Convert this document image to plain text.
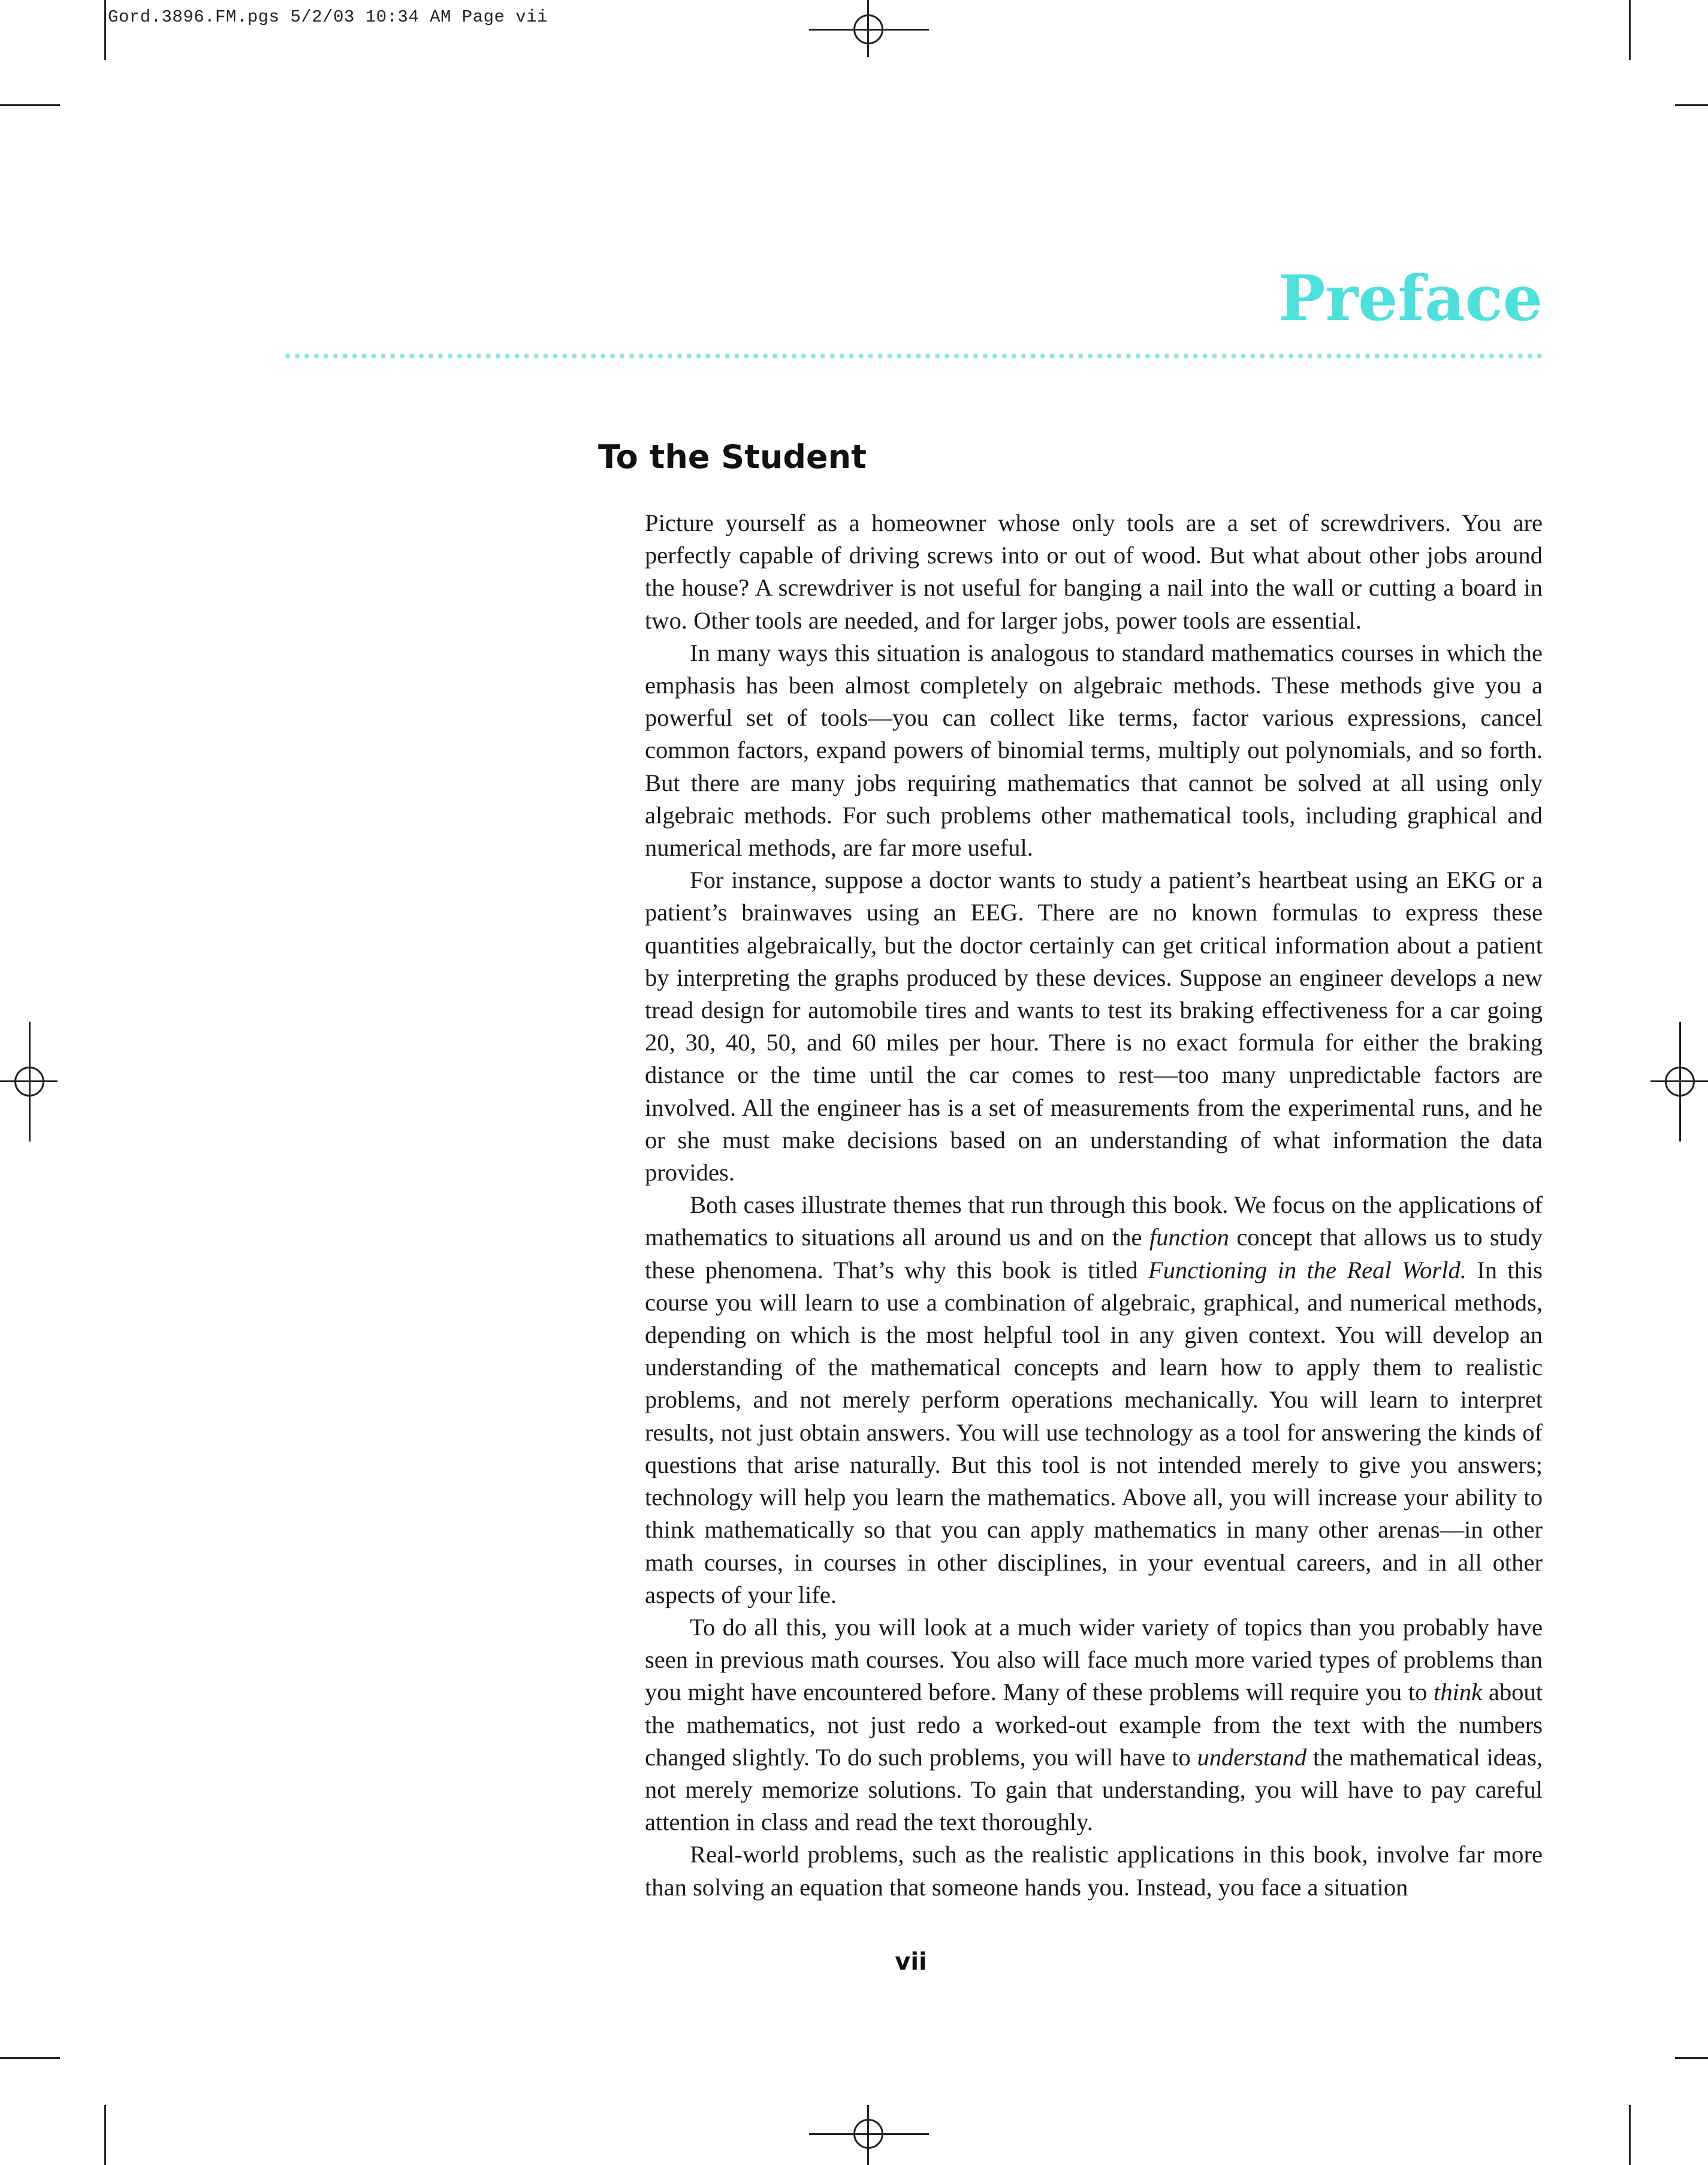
Gord.3896.FM.pgs 5/2/03 10:34 AM Page vii
Preface
To the Student

Picture yourself as a homeowner whose only tools are a set of screwdrivers. You are perfectly capable of driving screws into or out of wood. But what about other jobs around the house? A screwdriver is not useful for banging a nail into the wall or cutting a board in two. Other tools are needed, and for larger jobs, power tools are essential.

In many ways this situation is analogous to standard mathematics courses in which the emphasis has been almost completely on algebraic methods. These methods give you a powerful set of tools—you can collect like terms, factor various expressions, cancel common factors, expand powers of binomial terms, multiply out polynomials, and so forth. But there are many jobs requiring mathematics that cannot be solved at all using only algebraic methods. For such problems other mathematical tools, including graphical and numerical methods, are far more useful.

For instance, suppose a doctor wants to study a patient’s heartbeat using an EKG or a patient’s brainwaves using an EEG. There are no known formulas to express these quantities algebraically, but the doctor certainly can get critical information about a patient by interpreting the graphs produced by these devices. Suppose an engineer develops a new tread design for automobile tires and wants to test its braking effectiveness for a car going 20, 30, 40, 50, and 60 miles per hour. There is no exact formula for either the braking distance or the time until the car comes to rest—too many unpredictable factors are involved. All the engineer has is a set of measurements from the experimental runs, and he or she must make decisions based on an understanding of what information the data provides.

Both cases illustrate themes that run through this book. We focus on the applications of mathematics to situations all around us and on the function concept that allows us to study these phenomena. That’s why this book is titled Functioning in the Real World. In this course you will learn to use a combination of algebraic, graphical, and numerical methods, depending on which is the most helpful tool in any given context. You will develop an understanding of the mathematical concepts and learn how to apply them to realistic problems, and not merely perform operations mechanically. You will learn to interpret results, not just obtain answers. You will use technology as a tool for answering the kinds of questions that arise naturally. But this tool is not intended merely to give you answers; technology will help you learn the mathematics. Above all, you will increase your ability to think mathematically so that you can apply mathematics in many other arenas—in other math courses, in courses in other disciplines, in your eventual careers, and in all other aspects of your life.

To do all this, you will look at a much wider variety of topics than you probably have seen in previous math courses. You also will face much more varied types of problems than you might have encountered before. Many of these problems will require you to think about the mathematics, not just redo a worked-out example from the text with the numbers changed slightly. To do such problems, you will have to understand the mathematical ideas, not merely memorize solutions. To gain that understanding, you will have to pay careful attention in class and read the text thoroughly.

Real-world problems, such as the realistic applications in this book, involve far more than solving an equation that someone hands you. Instead, you face a situation

vii
